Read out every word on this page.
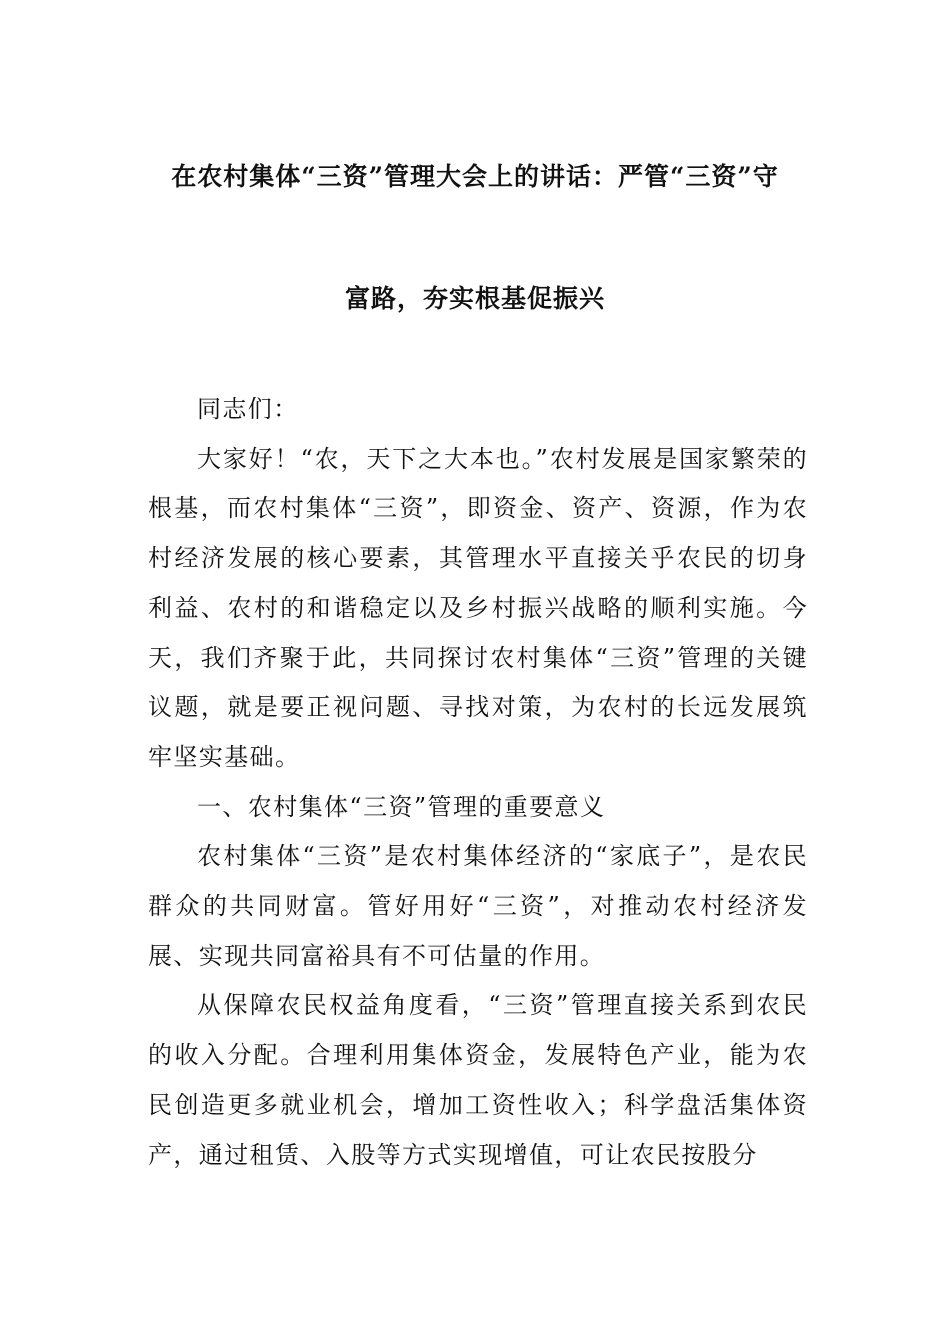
在农村集体“三资”管理大会上的讲话：严管“三资”守
富路，夯实根基促振兴

同志们：

大家好！“农，天下之大本也。”农村发展是国家繁荣的根基，而农村集体“三资”，即资金、资产、资源，作为农村经济发展的核心要素，其管理水平直接关乎农民的切身利益、农村的和谐稳定以及乡村振兴战略的顺利实施。今天，我们齐聚于此，共同探讨农村集体“三资”管理的关键议题，就是要正视问题、寻找对策，为农村的长远发展筑牢坚实基础。

一、农村集体“三资”管理的重要意义

农村集体“三资”是农村集体经济的“家底子”，是农民群众的共同财富。管好用好“三资”，对推动农村经济发展、实现共同富裕具有不可估量的作用。

从保障农民权益角度看，“三资”管理直接关系到农民的收入分配。合理利用集体资金，发展特色产业，能为农民创造更多就业机会，增加工资性收入；科学盘活集体资产，通过租赁、入股等方式实现增值，可让农民按股分
